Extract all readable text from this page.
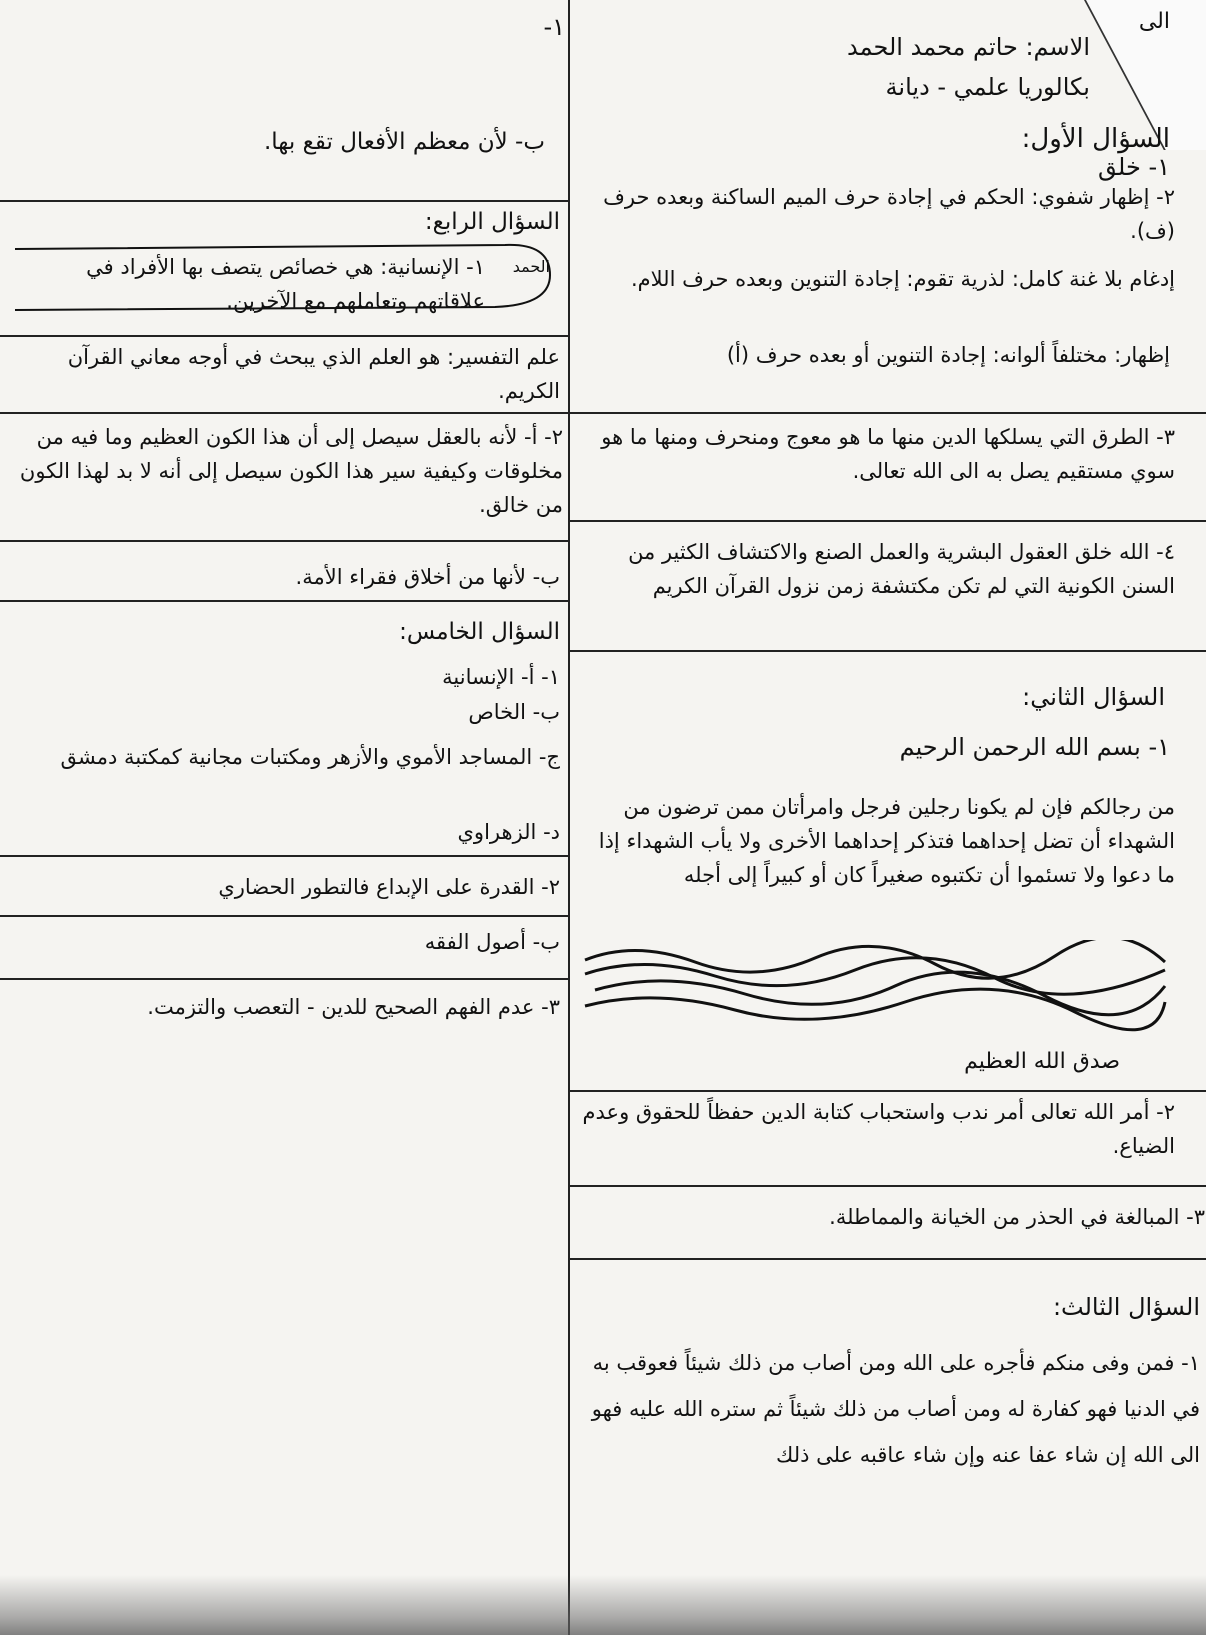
١-	الى
الاسم: حاتم محمد الحمد
بكالوريا علمي - ديانة
السؤال الأول:
١- خلق
٢- إظهار شفوي: الحكم في إجادة حرف الميم الساكنة وبعده حرف (ف).
إدغام بلا غنة كامل: لذرية تقوم: إجادة التنوين وبعده حرف اللام.
إظهار: مختلفاً ألوانه: إجادة التنوين أو بعده حرف (أ)
٣- الطرق التي يسلكها الدين منها ما هو معوج ومنحرف ومنها ما هو سوي مستقيم يصل به الى الله تعالى.
٤- الله خلق العقول البشرية والعمل الصنع والاكتشاف الكثير من السنن الكونية التي لم تكن مكتشفة زمن نزول القرآن الكريم
السؤال الثاني:
١- بسم الله الرحمن الرحيم
من رجالكم فإن لم يكونا رجلين فرجل وامرأتان ممن ترضون من الشهداء أن تضل إحداهما فتذكر إحداهما الأخرى ولا يأب الشهداء إذا ما دعوا ولا تسئموا أن تكتبوه صغيراً كان أو كبيراً إلى أجله
صدق الله العظيم
٢- أمر الله تعالى أمر ندب واستحباب كتابة الدين حفظاً للحقوق وعدم الضياع.
٣- المبالغة في الحذر من الخيانة والمماطلة.
السؤال الثالث:
١- فمن وفى منكم فأجره على الله ومن أصاب من ذلك شيئاً فعوقب به في الدنيا فهو كفارة له ومن أصاب من ذلك شيئاً ثم ستره الله عليه فهو الى الله إن شاء عفا عنه وإن شاء عاقبه على ذلك
ب- لأن معظم الأفعال تقع بها.
السؤال الرابع:
١- الإنسانية: هي خصائص يتصف بها الأفراد في علاقاتهم وتعاملهم مع الآخرين.
الحمد
علم التفسير: هو العلم الذي يبحث في أوجه معاني القرآن الكريم.
٢- أ- لأنه بالعقل سيصل إلى أن هذا الكون العظيم وما فيه من مخلوقات وكيفية سير هذا الكون سيصل إلى أنه لا بد لهذا الكون من خالق.
ب- لأنها من أخلاق فقراء الأمة.
السؤال الخامس:
١- أ- الإنسانية
ب- الخاص
ج- المساجد الأموي والأزهر ومكتبات مجانية كمكتبة دمشق
د- الزهراوي
٢- القدرة على الإبداع فالتطور الحضاري
ب- أصول الفقه
٣- عدم الفهم الصحيح للدين - التعصب والتزمت.
